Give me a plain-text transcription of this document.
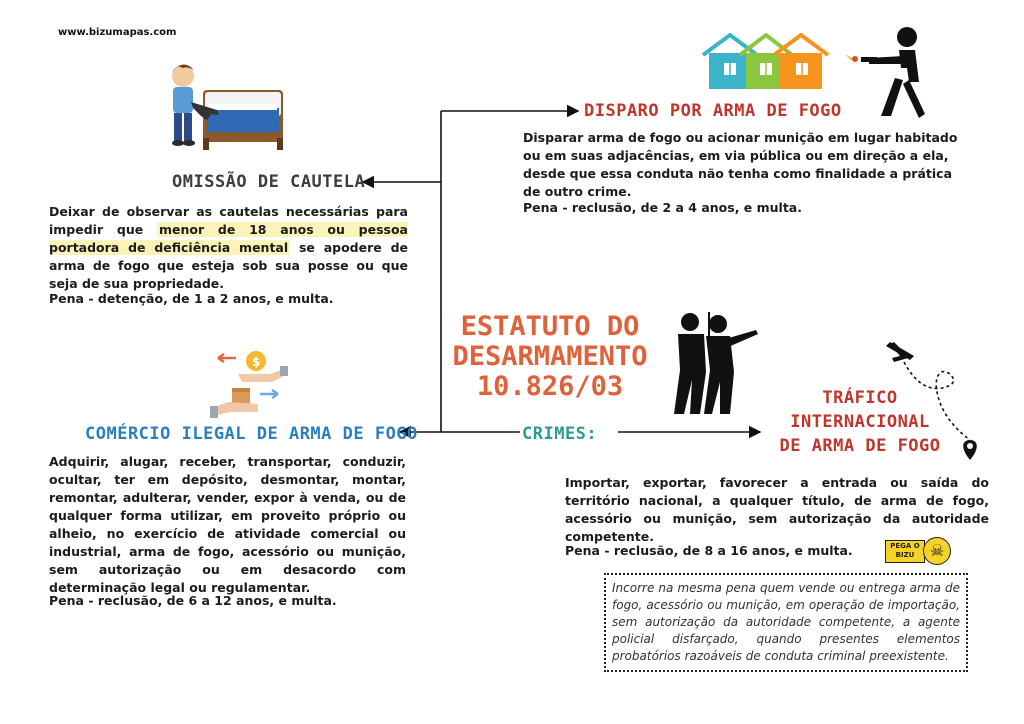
www.bizumapas.com
OMISSÃO DE CAUTELA
Deixar de observar as cautelas necessárias para impedir que menor de 18 anos ou pessoa portadora de deficiência mental se apodere de arma de fogo que esteja sob sua posse ou que seja de sua propriedade.
Pena - detenção, de 1 a 2 anos, e multa.
DISPARO POR ARMA DE FOGO
Disparar arma de fogo ou acionar munição em lugar habitado ou em suas adjacências, em via pública ou em direção a ela, desde que essa conduta não tenha como finalidade a prática de outro crime.
Pena - reclusão, de 2 a 4 anos, e multa.
ESTATUTO DO
DESARMAMENTO
10.826/03
CRIMES:
$
COMÉRCIO ILEGAL DE ARMA DE FOGO
Adquirir, alugar, receber, transportar, conduzir, ocultar, ter em depósito, desmontar, montar, remontar, adulterar, vender, expor à venda, ou de qualquer forma utilizar, em proveito próprio ou alheio, no exercício de atividade comercial ou industrial, arma de fogo, acessório ou munição, sem autorização ou em desacordo com determinação legal ou regulamentar.
Pena - reclusão, de 6 a 12 anos, e multa.
TRÁFICO
INTERNACIONAL
DE ARMA DE FOGO
Importar, exportar, favorecer a entrada ou saída do território nacional, a qualquer título, de arma de fogo, acessório ou munição, sem autorização da autoridade competente.
Pena - reclusão, de 8 a 16 anos, e multa.	PEGA O BIZU ☠
Incorre na mesma pena quem vende ou entrega arma de fogo, acessório ou munição, em operação de importação, sem autorização da autoridade competente, a agente policial disfarçado, quando presentes elementos probatórios razoáveis de conduta criminal preexistente.
